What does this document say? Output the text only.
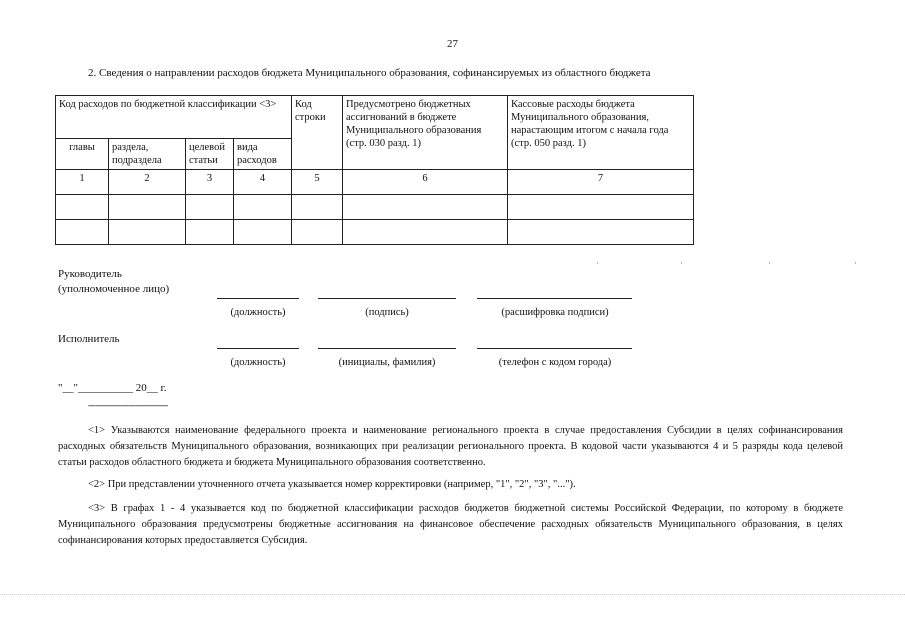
27
2. Сведения о направлении расходов бюджета Муниципального образования, софинансируемых из областного бюджета
Код расходов по бюджетной классификации <3>				Код строки	Предусмотрено бюджетных ассигнований в бюджете Муниципального образования (стр. 030 разд. 1)	Кассовые расходы бюджета Муниципального образования, нарастающим итогом с начала года (стр. 050 разд. 1)
главы	раздела, подраздела	целевой статьи	вида расходов			
1	2	3	4	5	6	7

·	·	·	·
Руководитель
(уполномоченное лицо)
(должность)	(подпись)	(расшифровка подписи)
Исполнитель
(должность)	(инициалы, фамилия)	(телефон с кодом города)
"__"__________ 20__ г.
--------------------------------
<1> Указываются наименование федерального проекта и наименование регионального проекта в случае предоставления Субсидии в целях софинансирования расходных обязательств Муниципального образования, возникающих при реализации регионального проекта. В кодовой части указываются 4 и 5 разряды кода целевой статьи расходов областного бюджета и бюджета Муниципального образования соответственно.
<2> При представлении уточненного отчета указывается номер корректировки (например, "1", "2", "3", "...").
<3> В графах 1 - 4 указывается код по бюджетной классификации расходов бюджетов бюджетной системы Российской Федерации, по которому в бюджете Муниципального образования предусмотрены бюджетные ассигнования на финансовое обеспечение расходных обязательств Муниципального образования, в целях софинансирования которых предоставляется Субсидия.
